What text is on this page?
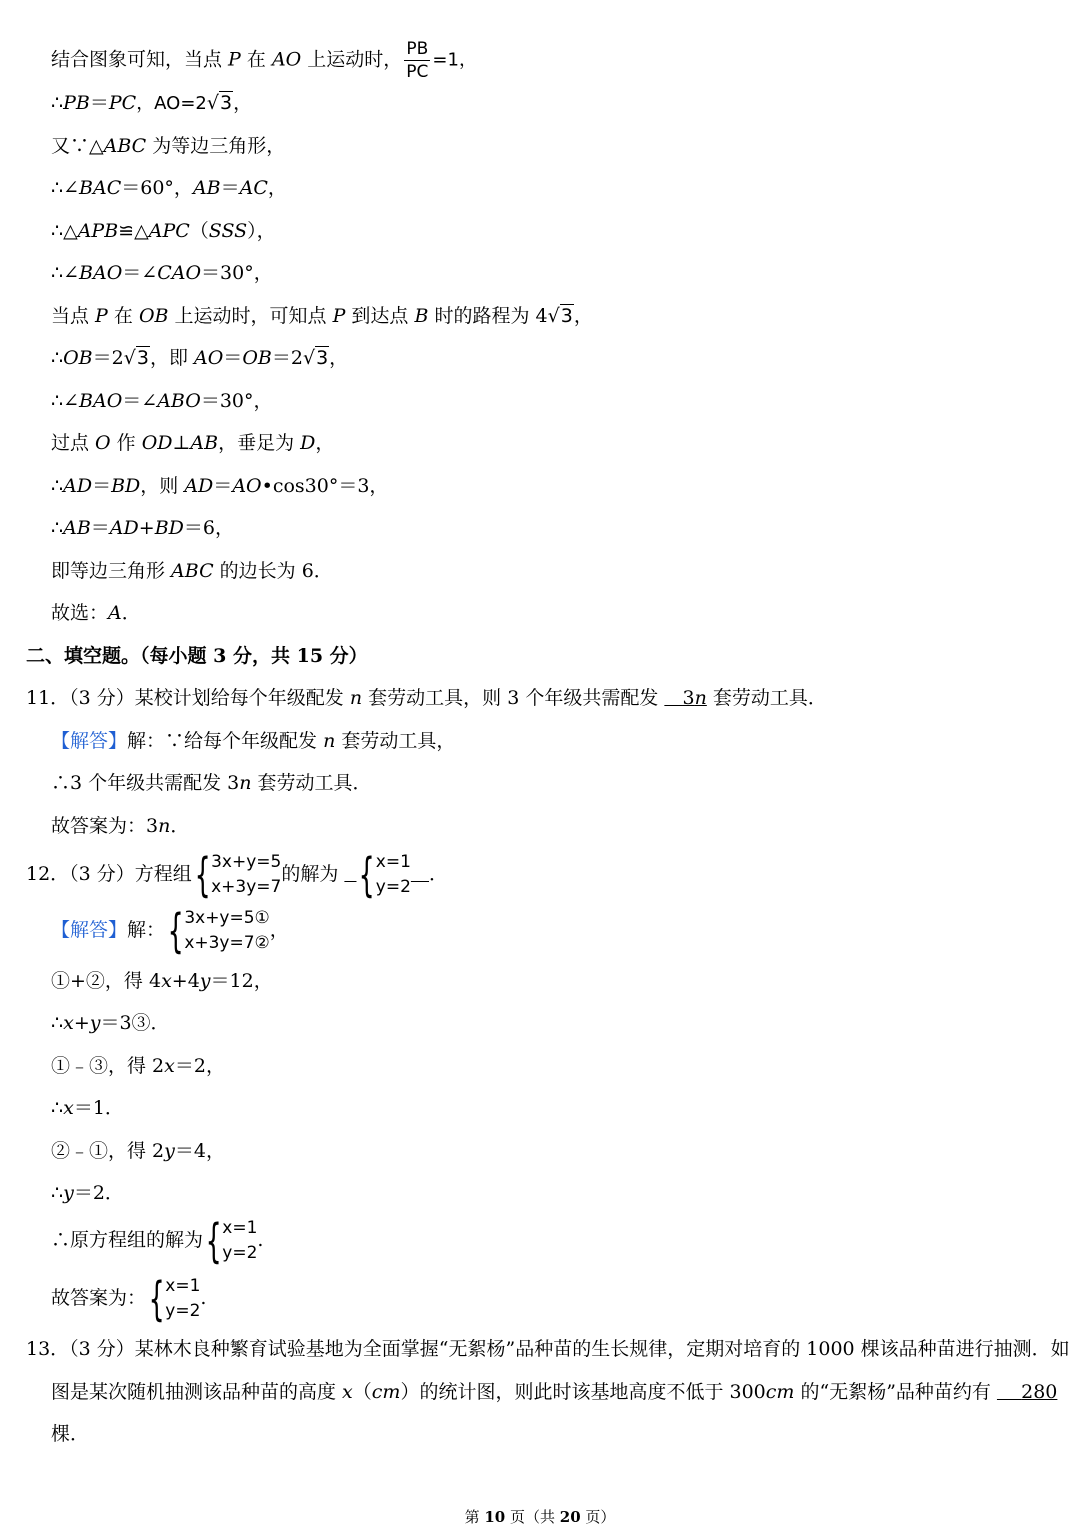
结合图象可知，当点 P 在 AO 上运动时， $\frac{PB}{PC} =1$，
∴PB＝PC，AO=2√3，
又∵△ABC 为等边三角形，
∴∠BAC＝60°，AB＝AC，
∴△APB≌△APC（SSS），
∴∠BAO＝∠CAO＝30°，
当点 P 在 OB 上运动时，可知点 P 到达点 B 时的路程为 4√3，
∴OB＝2√3，即 AO＝OB＝2√3，
∴∠BAO＝∠ABO＝30°，
过点 O 作 OD⊥AB，垂足为 D，
∴AD＝BD，则 AD＝AO•cos30°＝3，
∴AB＝AD+BD＝6，
即等边三角形 ABC 的边长为 6．
故选：A．
二、填空题。（每小题 3 分，共 15 分）
11．（3 分）某校计划给每个年级配发 n 套劳动工具，则 3 个年级共需配发    3n 套劳动工具．
【解答】解：∵给每个年级配发 n 套劳动工具，
∴3 个年级共需配发 3n 套劳动工具．
故答案为：3n．
12．（3 分）方程组 { 3x+y=5
x+3y=7
的解为 { x=1
y=2
．
【解答】解： { 3x+y=5①
x+3y=7②
，
①+②，得 4x+4y＝12，
∴x+y＝3③．
①﹣③，得 2x＝2，
∴x＝1．
②﹣①，得 2y＝4，
∴y＝2．
∴原方程组的解为 { x=1
y=2
.
故答案为： { x=1
y=2
.
13．（3 分）某林木良种繁育试验基地为全面掌握“无絮杨”品种苗的生长规律，定期对培育的 1000 棵该品种苗进行抽测．如
图是某次随机抽测该品种苗的高度 x（cm）的统计图，则此时该基地高度不低于 300cm 的“无絮杨”品种苗约有     280
棵．
第 10 页（共 20 页）
